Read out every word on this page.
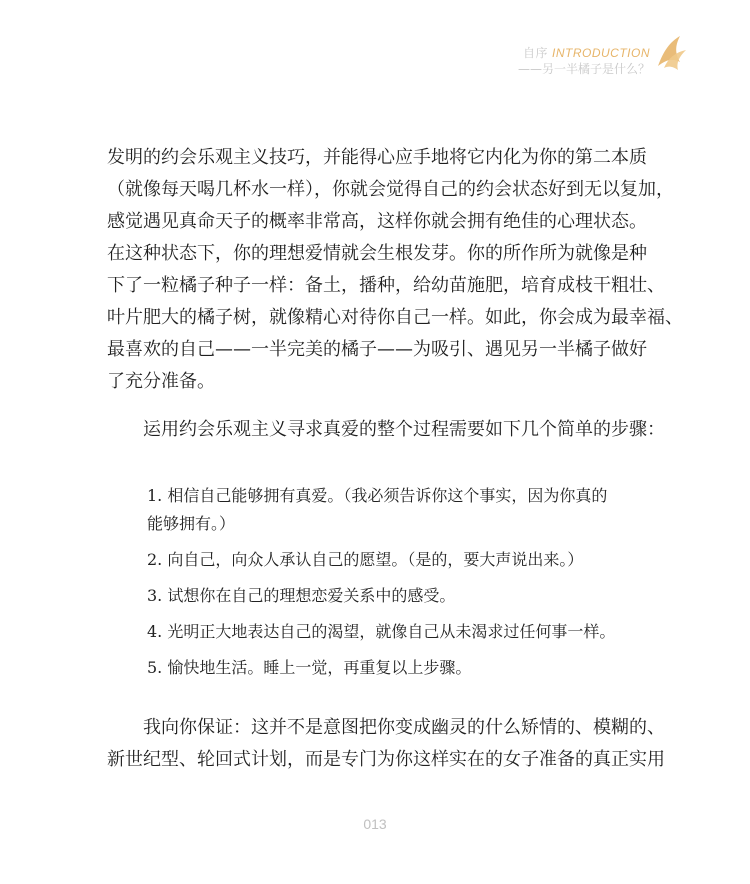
自序 INTRODUCTION
——另一半橘子是什么？
发明的约会乐观主义技巧，并能得心应手地将它内化为你的第二本质
（就像每天喝几杯水一样），你就会觉得自己的约会状态好到无以复加，
感觉遇见真命天子的概率非常高，这样你就会拥有绝佳的心理状态。
在这种状态下，你的理想爱情就会生根发芽。你的所作所为就像是种
下了一粒橘子种子一样：备土，播种，给幼苗施肥，培育成枝干粗壮、
叶片肥大的橘子树，就像精心对待你自己一样。如此，你会成为最幸福、
最喜欢的自己——一半完美的橘子——为吸引、遇见另一半橘子做好
了充分准备。
运用约会乐观主义寻求真爱的整个过程需要如下几个简单的步骤：
1. 相信自己能够拥有真爱。（我必须告诉你这个事实，因为你真的
能够拥有。）
2. 向自己，向众人承认自己的愿望。（是的，要大声说出来。）
3. 试想你在自己的理想恋爱关系中的感受。
4. 光明正大地表达自己的渴望，就像自己从未渴求过任何事一样。
5. 愉快地生活。睡上一觉，再重复以上步骤。
我向你保证：这并不是意图把你变成幽灵的什么矫情的、模糊的、
新世纪型、轮回式计划，而是专门为你这样实在的女子准备的真正实用
013
